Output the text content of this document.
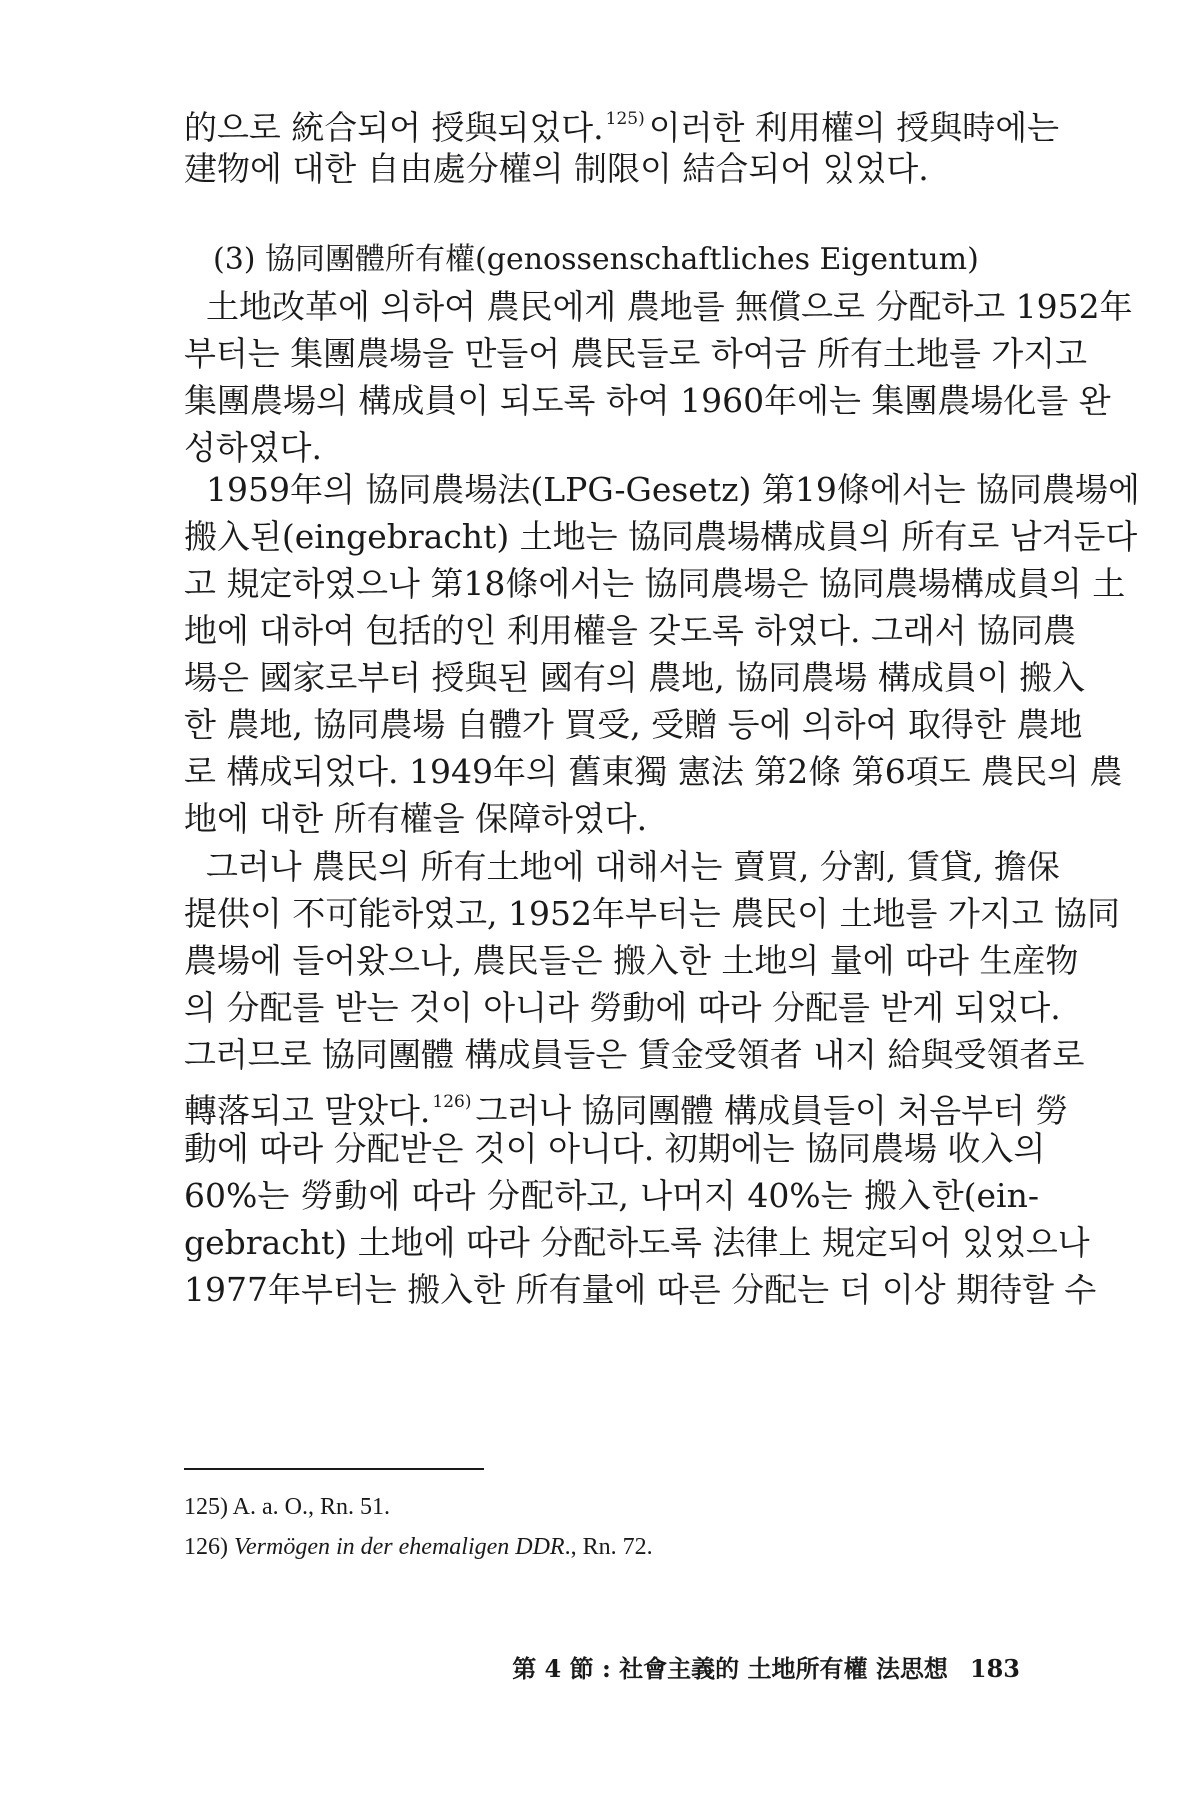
的으로 統合되어 授與되었다. $^{125)}$ 이러한 利用權의 授與時에는
建物에 대한 自由處分權의 制限이 結合되어 있었다.
土地改革에 의하여 農民에게 農地를 無償으로 分配하고 1952年
부터는 集團農場을 만들어 農民들로 하여금 所有土地를 가지고
集團農場의 構成員이 되도록 하여 1960年에는 集團農場化를 완
성하였다.
1959年의 協同農場法(LPG-Gesetz) 第19條에서는 協同農場에
搬入된(eingebracht) 土地는 協同農場構成員의 所有로 남겨둔다
고 規定하였으나 第18條에서는 協同農場은 協同農場構成員의 土
地에 대하여 包括的인 利用權을 갖도록 하였다. 그래서 協同農
場은 國家로부터 授與된 國有의 農地, 協同農場 構成員이 搬入
한 農地, 協同農場 自體가 買受, 受贈 등에 의하여 取得한 農地
로 構成되었다. 1949年의 舊東獨 憲法 第2條 第6項도 農民의 農
地에 대한 所有權을 保障하였다.
그러나 農民의 所有土地에 대해서는 賣買, 分割, 賃貸, 擔保
提供이 不可能하였고, 1952年부터는 農民이 土地를 가지고 協同
農場에 들어왔으나, 農民들은 搬入한 土地의 量에 따라 生産物
의 分配를 받는 것이 아니라 勞動에 따라 分配를 받게 되었다.
그러므로 協同團體 構成員들은 賃金受領者 내지 給與受領者로
轉落되고 말았다. $^{126)}$ 그러나 協同團體 構成員들이 처음부터 勞
動에 따라 分配받은 것이 아니다. 初期에는 協同農場 收入의
60%는 勞動에 따라 分配하고, 나머지 40%는 搬入한(ein-
gebracht) 土地에 따라 分配하도록 法律上 規定되어 있었으나
1977年부터는 搬入한 所有量에 따른 分配는 더 이상 期待할 수
(3) 協同團體所有權(genossenschaftliches Eigentum)
125) A. a. O., Rn. 51.
126) Vermögen in der ehemaligen DDR., Rn. 72.
第 4 節 : 社會主義的 土地所有權 法思想 183
